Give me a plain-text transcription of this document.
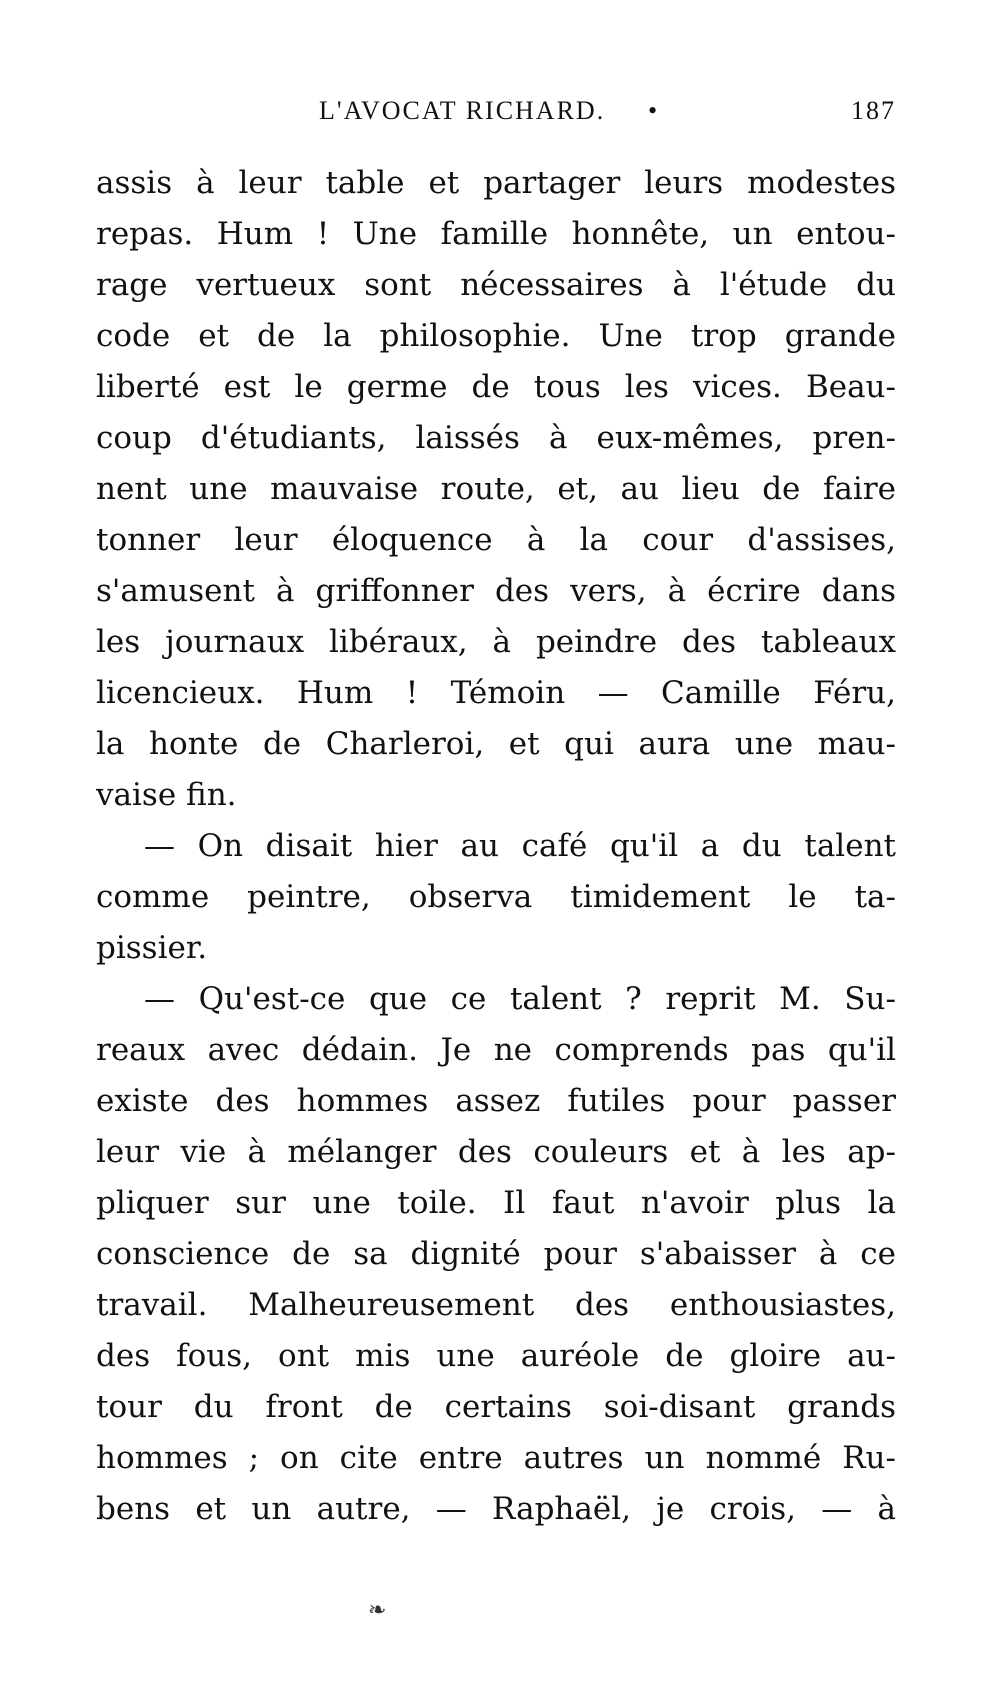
L'AVOCAT RICHARD. •	187
assis à leur table et partager leurs modestes
repas. Hum ! Une famille honnête, un entou-
rage vertueux sont nécessaires à l'étude du
code et de la philosophie. Une trop grande
liberté est le germe de tous les vices. Beau-
coup d'étudiants, laissés à eux-mêmes, pren-
nent une mauvaise route, et, au lieu de faire
tonner leur éloquence à la cour d'assises,
s'amusent à griffonner des vers, à écrire dans
les journaux libéraux, à peindre des tableaux
licencieux. Hum ! Témoin — Camille Féru,
la honte de Charleroi, et qui aura une mau-
vaise fin.
— On disait hier au café qu'il a du talent
comme peintre, observa timidement le ta-
pissier.
— Qu'est-ce que ce talent ? reprit M. Su-
reaux avec dédain. Je ne comprends pas qu'il
existe des hommes assez futiles pour passer
leur vie à mélanger des couleurs et à les ap-
pliquer sur une toile. Il faut n'avoir plus la
conscience de sa dignité pour s'abaisser à ce
travail. Malheureusement des enthousiastes,
des fous, ont mis une auréole de gloire au-
tour du front de certains soi-disant grands
hommes ; on cite entre autres un nommé Ru-
bens et un autre, — Raphaël, je crois, — à
❧
